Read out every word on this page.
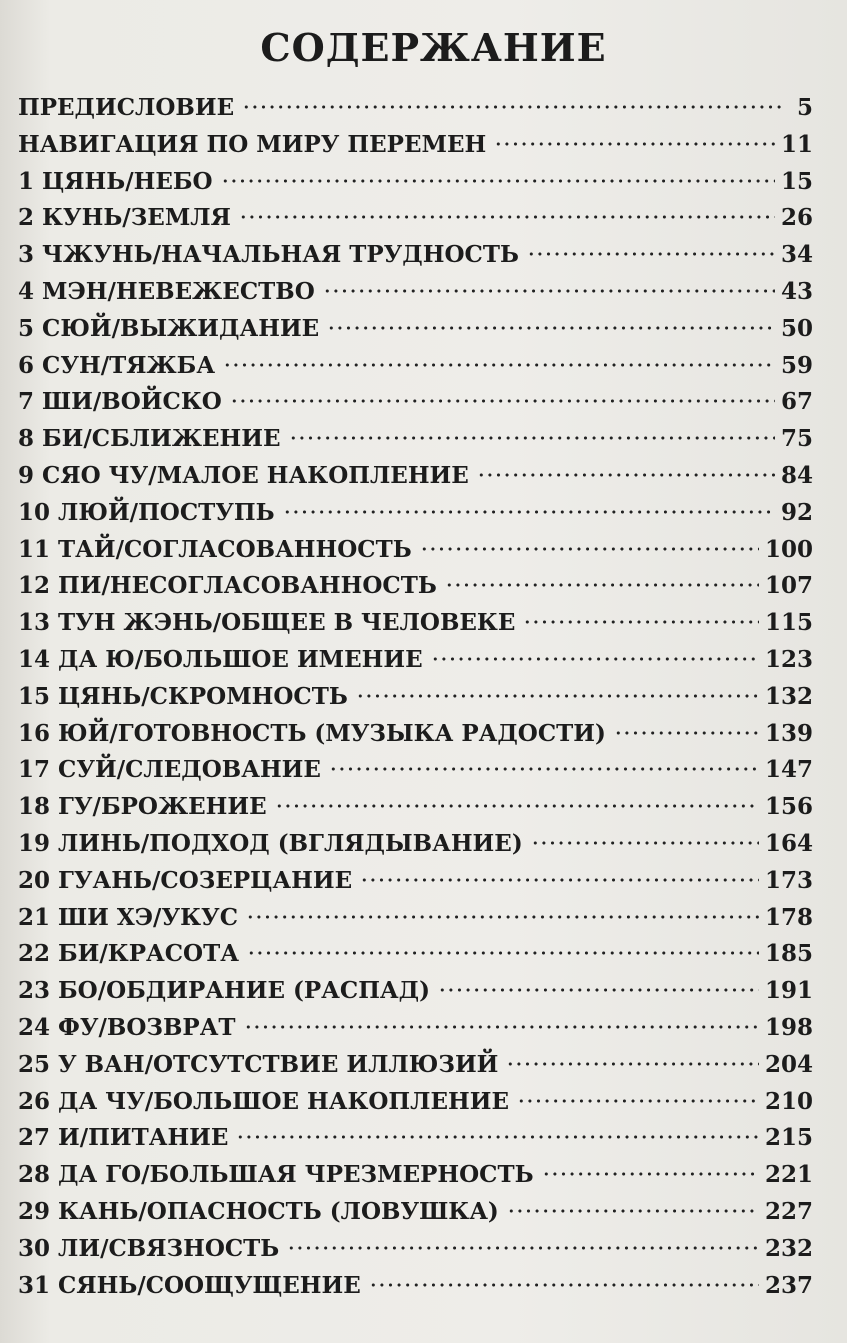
СОДЕРЖАНИЕ
ПРЕДИСЛОВИЕ	5
НАВИГАЦИЯ ПО МИРУ ПЕРЕМЕН	11
1 ЦЯНЬ/НЕБО	15
2 КУНЬ/ЗЕМЛЯ	26
3 ЧЖУНЬ/НАЧАЛЬНАЯ ТРУДНОСТЬ	34
4 МЭН/НЕВЕЖЕСТВО	43
5 СЮЙ/ВЫЖИДАНИЕ	50
6 СУН/ТЯЖБА	59
7 ШИ/ВОЙСКО	67
8 БИ/СБЛИЖЕНИЕ	75
9 СЯО ЧУ/МАЛОЕ НАКОПЛЕНИЕ	84
10 ЛЮЙ/ПОСТУПЬ	92
11 ТАЙ/СОГЛАСОВАННОСТЬ	100
12 ПИ/НЕСОГЛАСОВАННОСТЬ	107
13 ТУН ЖЭНЬ/ОБЩЕЕ В ЧЕЛОВЕКЕ	115
14 ДА Ю/БОЛЬШОЕ ИМЕНИЕ	123
15 ЦЯНЬ/СКРОМНОСТЬ	132
16 ЮЙ/ГОТОВНОСТЬ (МУЗЫКА РАДОСТИ)	139
17 СУЙ/СЛЕДОВАНИЕ	147
18 ГУ/БРОЖЕНИЕ	156
19 ЛИНЬ/ПОДХОД (ВГЛЯДЫВАНИЕ)	164
20 ГУАНЬ/СОЗЕРЦАНИЕ	173
21 ШИ ХЭ/УКУС	178
22 БИ/КРАСОТА	185
23 БО/ОБДИРАНИЕ (РАСПАД)	191
24 ФУ/ВОЗВРАТ	198
25 У ВАН/ОТСУТСТВИЕ ИЛЛЮЗИЙ	204
26 ДА ЧУ/БОЛЬШОЕ НАКОПЛЕНИЕ	210
27 И/ПИТАНИЕ	215
28 ДА ГО/БОЛЬШАЯ ЧРЕЗМЕРНОСТЬ	221
29 КАНЬ/ОПАСНОСТЬ (ЛОВУШКА)	227
30 ЛИ/СВЯЗНОСТЬ	232
31 СЯНЬ/СООЩУЩЕНИЕ	237
